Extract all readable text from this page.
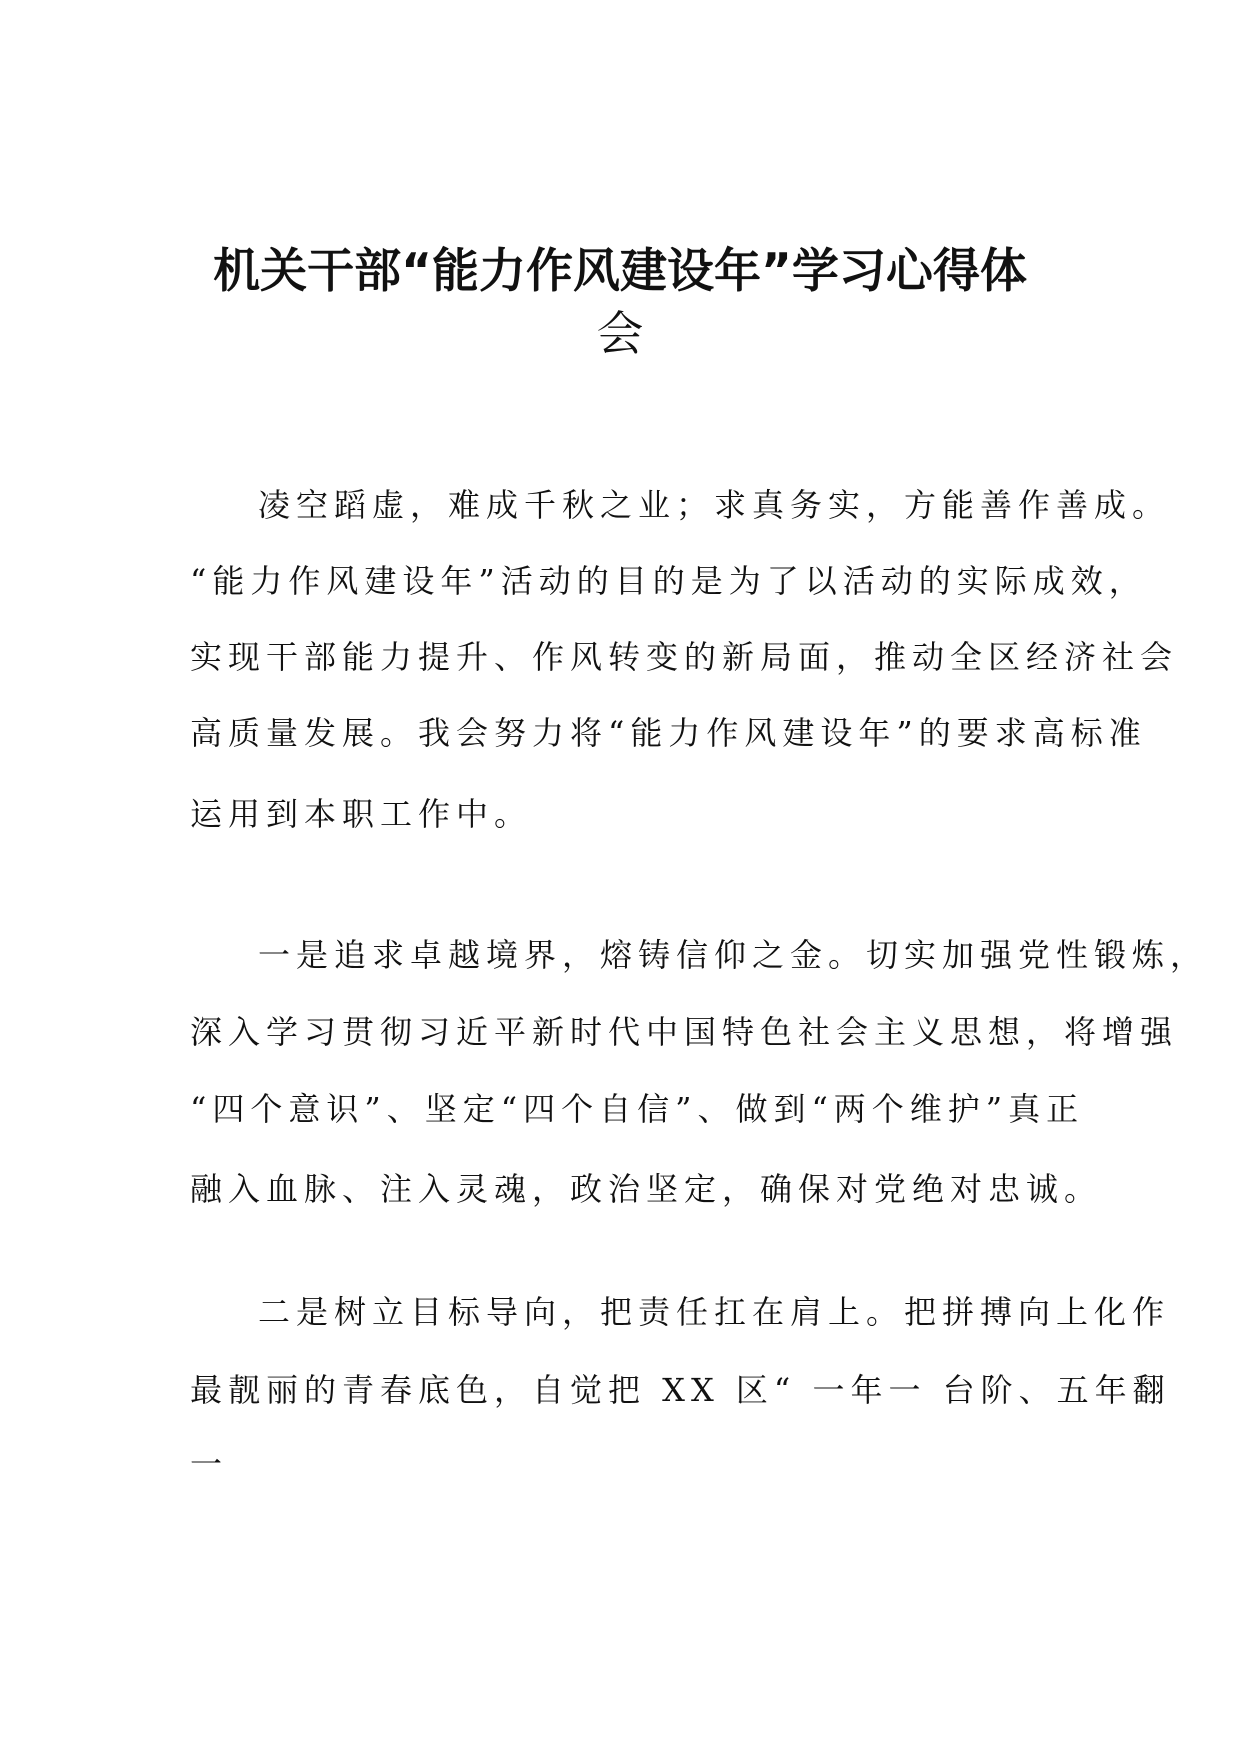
机关干部“能力作风建设年”学习心得体
会

凌空蹈虚，难成千秋之业；求真务实，方能善作善成。

“能力作风建设年”活动的目的是为了以活动的实际成效，

实现干部能力提升、作风转变的新局面，推动全区经济社会

高质量发展。我会努力将“能力作风建设年”的要求高标准

运用到本职工作中。

一是追求卓越境界，熔铸信仰之金。切实加强党性锻炼，

深入学习贯彻习近平新时代中国特色社会主义思想，将增强

“四个意识”、坚定“四个自信”、做到“两个维护”真正

融入血脉、注入灵魂，政治坚定，确保对党绝对忠诚。

二是树立目标导向，把责任扛在肩上。把拼搏向上化作

最靓丽的青春底色，自觉把 XX 区“ 一年一 台阶、五年翻

一
